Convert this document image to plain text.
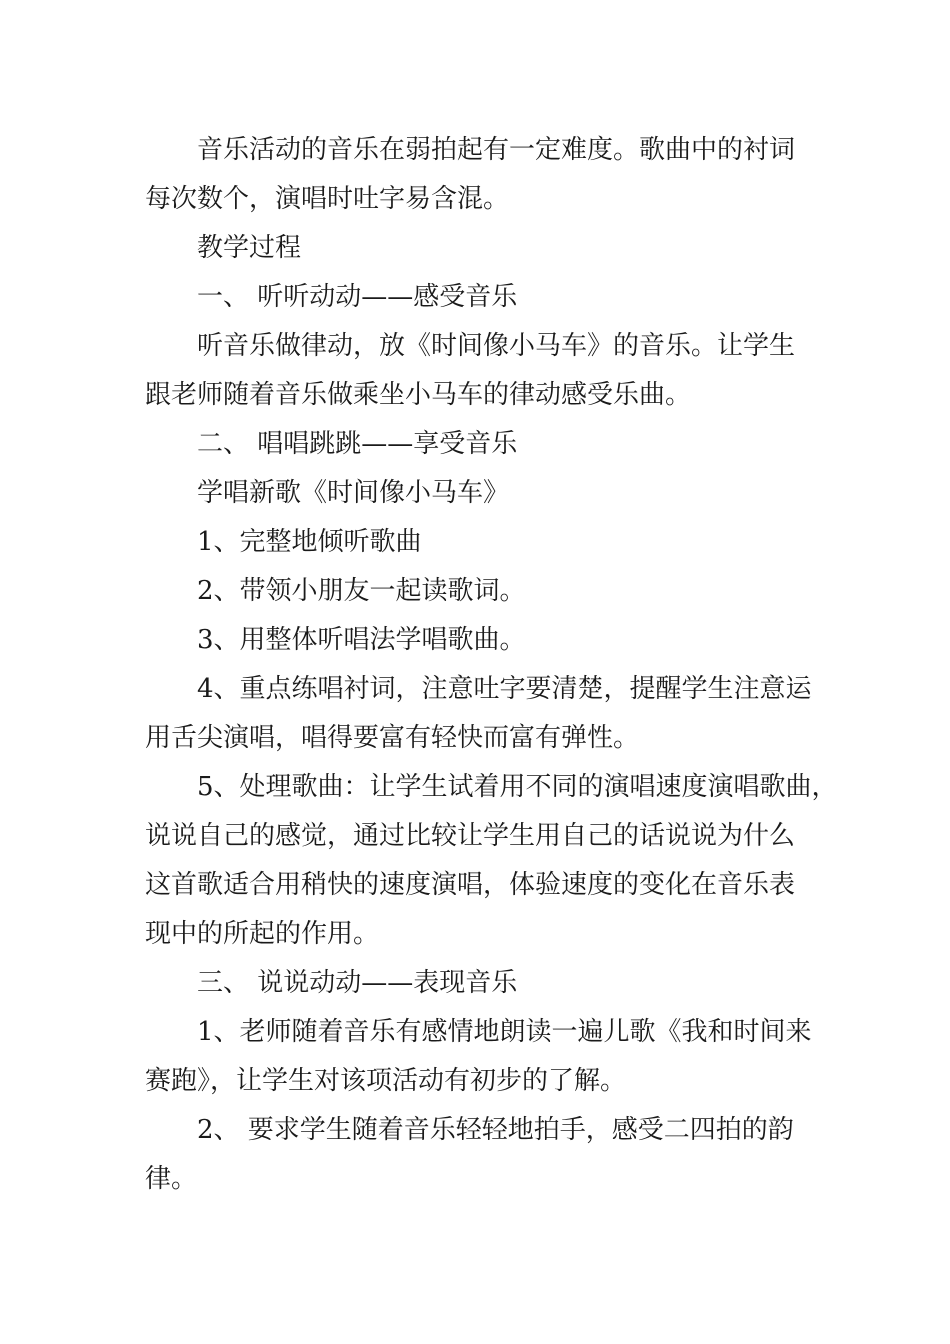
音乐活动的音乐在弱拍起有一定难度。歌曲中的衬词
每次数个，演唱时吐字易含混。

教学过程

一、 听听动动——感受音乐

听音乐做律动，放《时间像小马车》的音乐。让学生
跟老师随着音乐做乘坐小马车的律动感受乐曲。

二、 唱唱跳跳——享受音乐

学唱新歌《时间像小马车》

1、完整地倾听歌曲

2、带领小朋友一起读歌词。

3、用整体听唱法学唱歌曲。

4、重点练唱衬词，注意吐字要清楚，提醒学生注意运
用舌尖演唱，唱得要富有轻快而富有弹性。

5、处理歌曲：让学生试着用不同的演唱速度演唱歌曲，
说说自己的感觉，通过比较让学生用自己的话说说为什么
这首歌适合用稍快的速度演唱，体验速度的变化在音乐表
现中的所起的作用。

三、 说说动动——表现音乐

1、老师随着音乐有感情地朗读一遍儿歌《我和时间来
赛跑》，让学生对该项活动有初步的了解。

2、 要求学生随着音乐轻轻地拍手，感受二四拍的韵
律。
